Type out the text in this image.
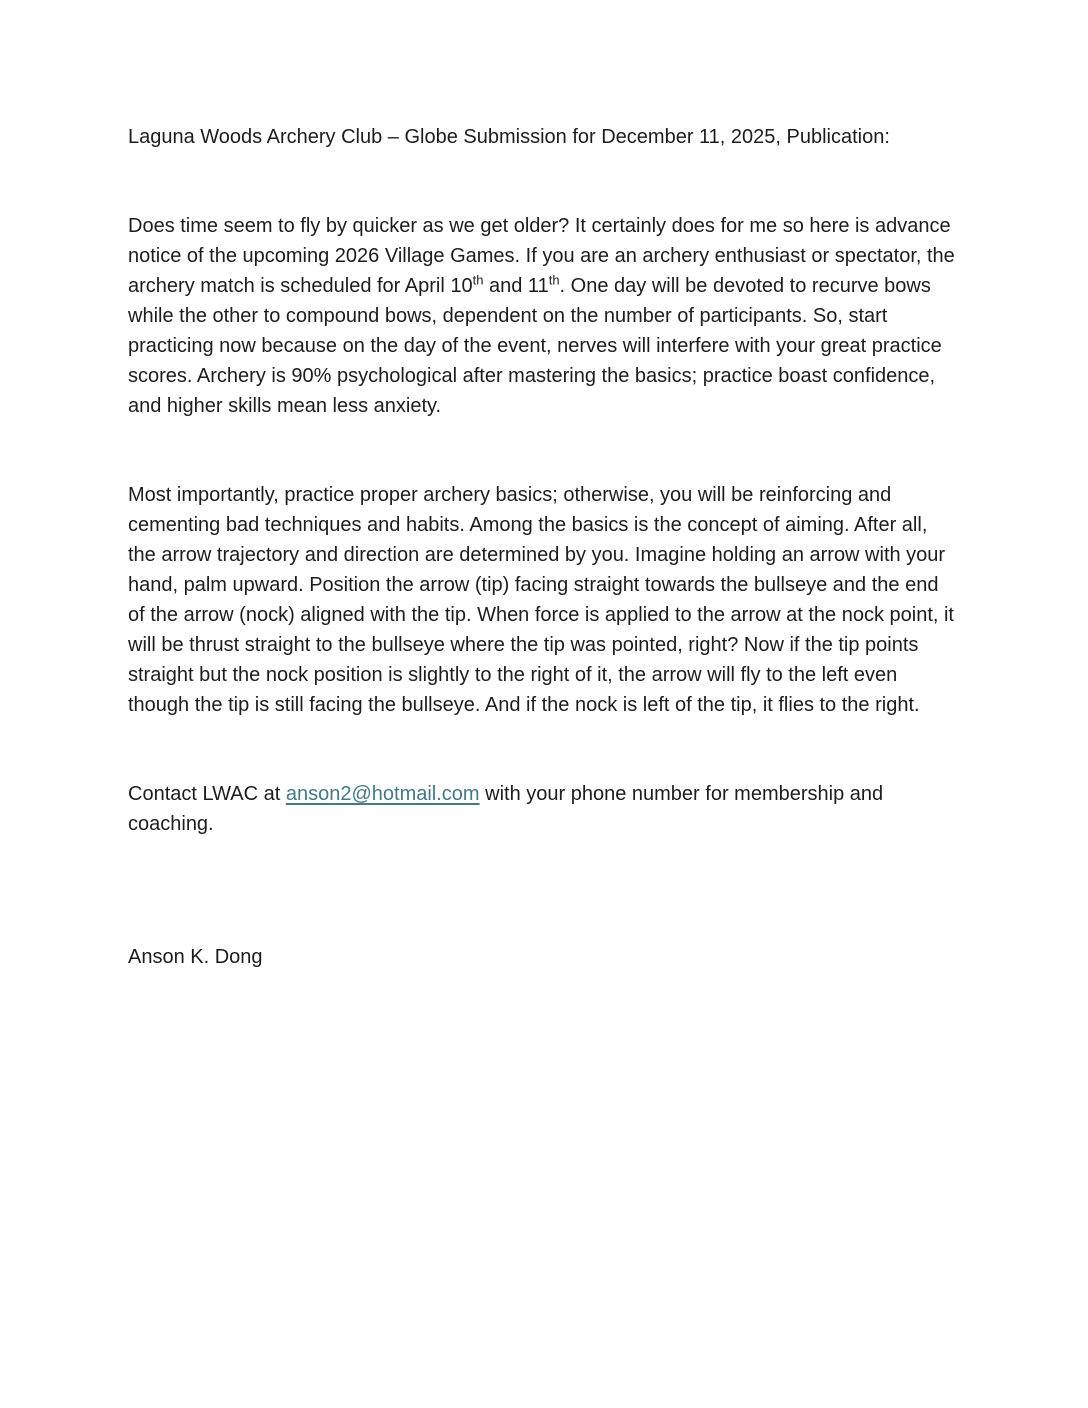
Laguna Woods Archery Club – Globe Submission for December 11, 2025, Publication:

Does time seem to fly by quicker as we get older? It certainly does for me so here is advance notice of the upcoming 2026 Village Games. If you are an archery enthusiast or spectator, the archery match is scheduled for April 10th and 11th. One day will be devoted to recurve bows while the other to compound bows, dependent on the number of participants. So, start practicing now because on the day of the event, nerves will interfere with your great practice scores. Archery is 90% psychological after mastering the basics; practice boast confidence, and higher skills mean less anxiety.

Most importantly, practice proper archery basics; otherwise, you will be reinforcing and cementing bad techniques and habits. Among the basics is the concept of aiming. After all, the arrow trajectory and direction are determined by you. Imagine holding an arrow with your hand, palm upward. Position the arrow (tip) facing straight towards the bullseye and the end of the arrow (nock) aligned with the tip. When force is applied to the arrow at the nock point, it will be thrust straight to the bullseye where the tip was pointed, right? Now if the tip points straight but the nock position is slightly to the right of it, the arrow will fly to the left even though the tip is still facing the bullseye. And if the nock is left of the tip, it flies to the right.

Contact LWAC at anson2@hotmail.com with your phone number for membership and coaching.

Anson K. Dong
